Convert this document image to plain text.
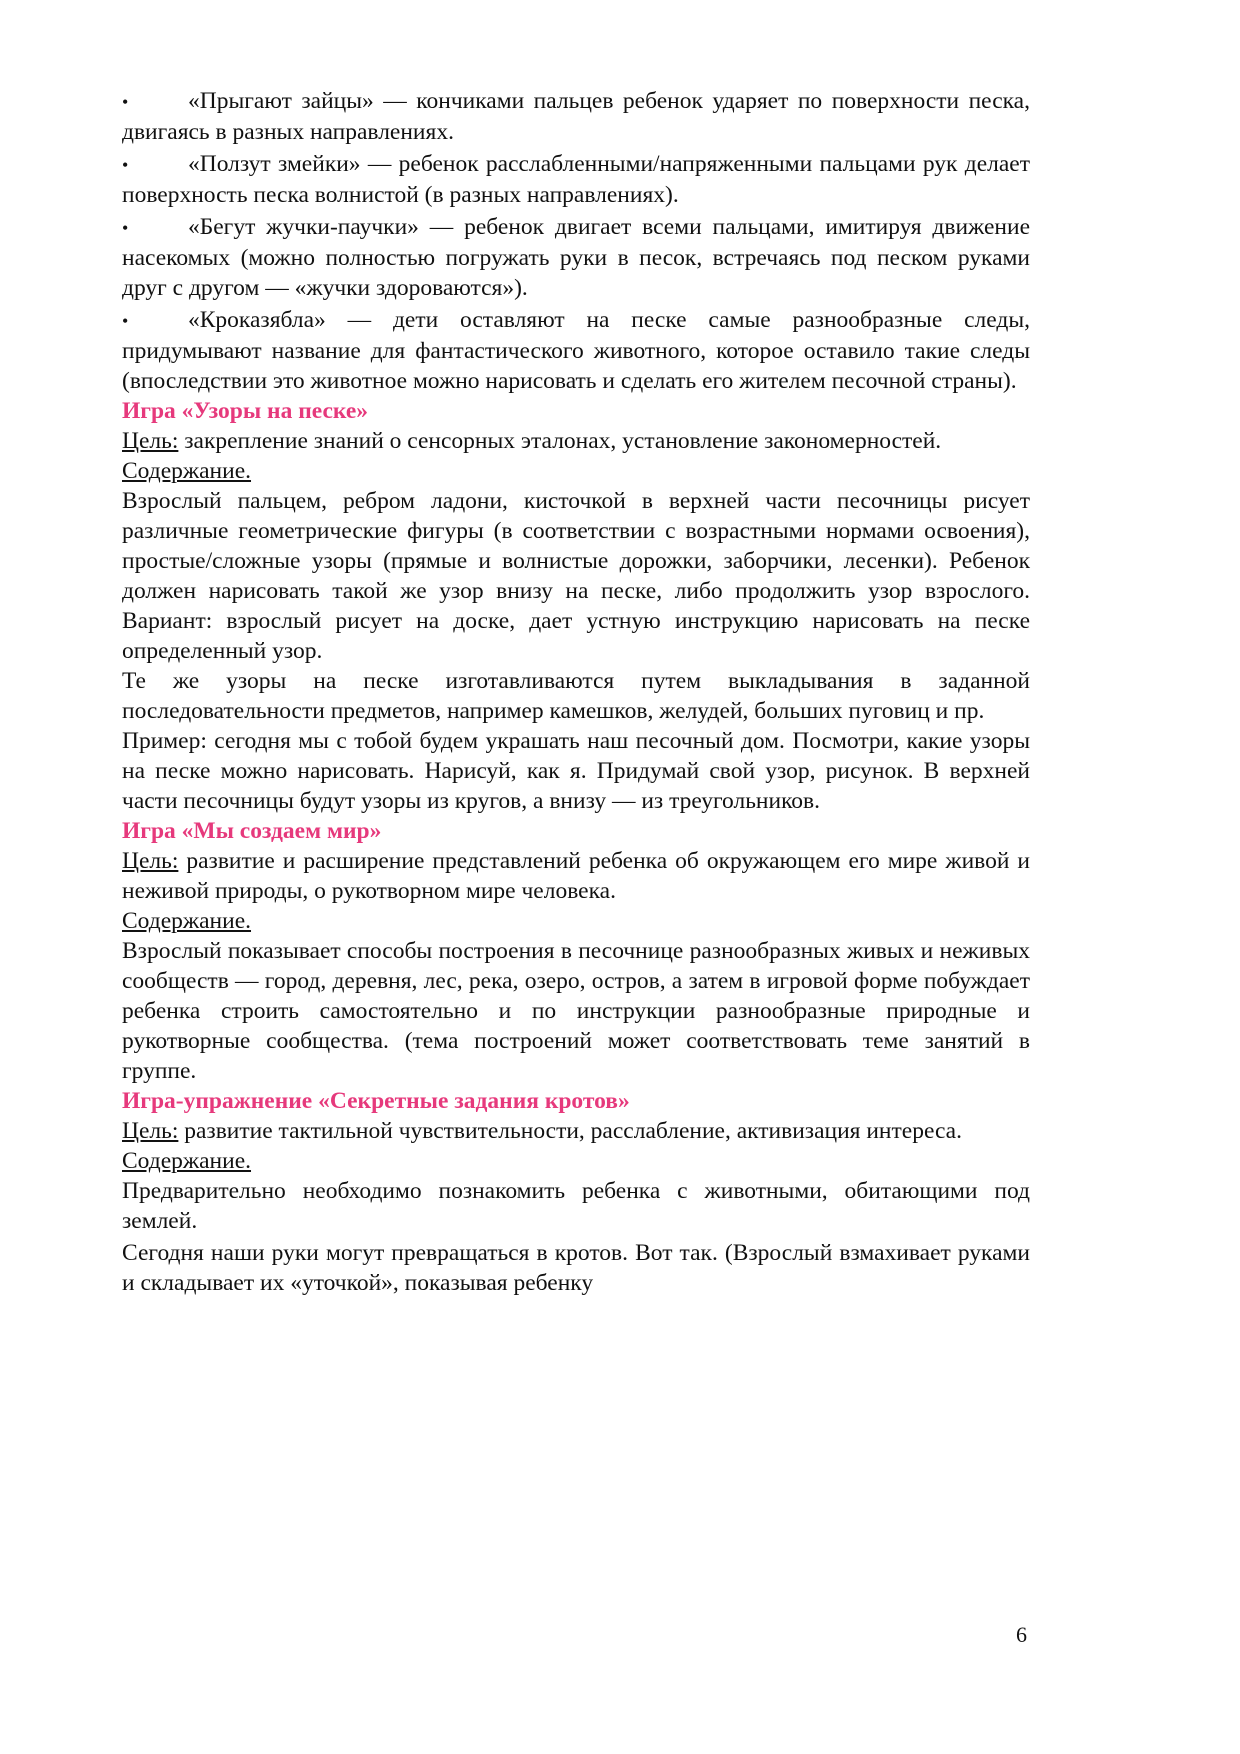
•	«Прыгают зайцы» — кончиками пальцев ребенок ударяет по поверхности песка, двигаясь в разных направлениях.

•	«Ползут змейки» — ребенок расслабленными/напряженными пальцами рук делает поверхность песка волнистой (в разных направлениях).

•	«Бегут жучки-паучки» — ребенок двигает всеми пальцами, имитируя движение насекомых (можно полностью погружать руки в песок, встречаясь под песком руками друг с другом — «жучки здороваются»).

•	«Кроказябла» — дети оставляют на песке самые разнообразные следы, придумывают название для фантастического животного, которое оставило такие следы (впоследствии это животное можно нарисовать и сделать его жителем песочной страны).

Игра «Узоры на песке»

Цель: закрепление знаний о сенсорных эталонах, установление закономерностей.

Содержание.

Взрослый пальцем, ребром ладони, кисточкой в верхней части песочницы рисует различные геометрические фигуры (в соответствии с возрастными нормами освоения), простые/сложные узоры (прямые и волнистые дорожки, заборчики, лесенки). Ребенок должен нарисовать такой же узор внизу на песке, либо продолжить узор взрослого. Вариант: взрослый рисует на доске, дает устную инструкцию нарисовать на песке определенный узор.

Те же узоры на песке изготавливаются путем выкладывания в заданной последовательности предметов, например камешков, желудей, больших пуговиц и пр.

Пример: сегодня мы с тобой будем украшать наш песочный дом. Посмотри, какие узоры на песке можно нарисовать. Нарисуй, как я. Придумай свой узор, рисунок. В верхней части песочницы будут узоры из кругов, а внизу — из треугольников.

Игра «Мы создаем мир»

Цель: развитие и расширение представлений ребенка об окружающем его мире живой и неживой природы, о рукотворном мире человека.

Содержание.

Взрослый показывает способы построения в песочнице разнообразных живых и неживых сообществ — город, деревня, лес, река, озеро, остров, а затем в игровой форме побуждает ребенка строить самостоятельно и по инструкции разнообразные природные и рукотворные сообщества. (тема построений может соответствовать теме занятий в группе.

Игра-упражнение «Секретные задания кротов»

Цель: развитие тактильной чувствительности, расслабление, активизация интереса.

Содержание.

Предварительно необходимо познакомить ребенка с животными, обитающими под землей.

Сегодня наши руки могут превращаться в кротов. Вот так. (Взрослый взмахивает руками и складывает их «уточкой», показывая ребенку

6
